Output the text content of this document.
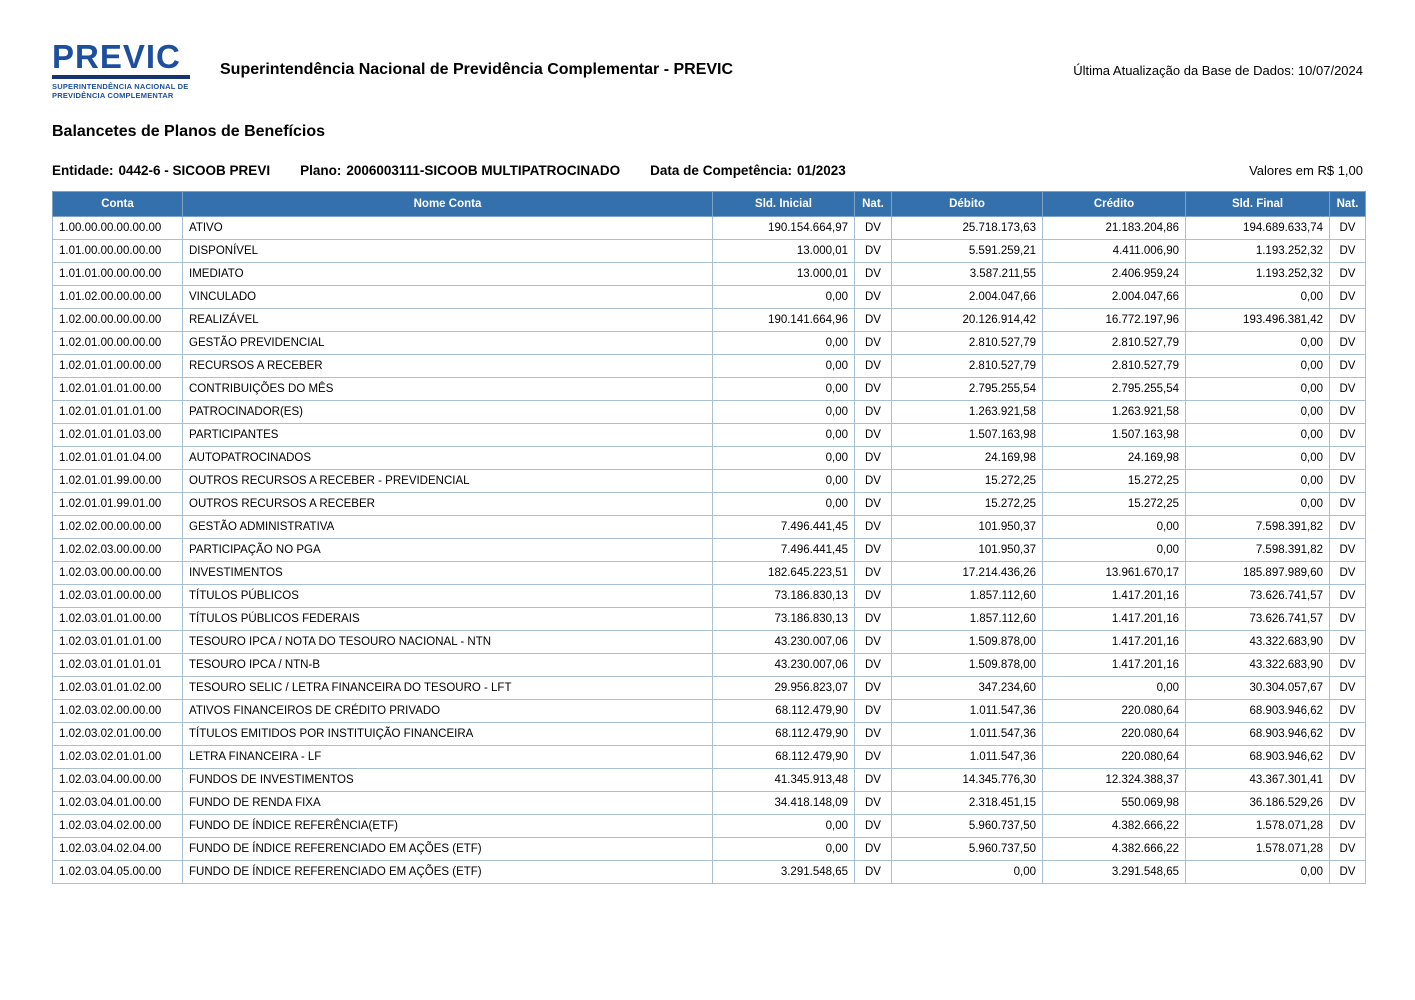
PREVIC
SUPERINTENDÊNCIA NACIONAL DE
PREVIDÊNCIA COMPLEMENTAR
Superintendência Nacional de Previdência Complementar - PREVIC	Última Atualização da Base de Dados: 10/07/2024
Balancetes de Planos de Benefícios
Entidade: 0442-6 - SICOOB PREVI Plano: 2006003111-SICOOB MULTIPATROCINADO Data de Competência: 01/2023	Valores em R$ 1,00
Conta	Nome Conta	Sld. Inicial	Nat.	Débito	Crédito	Sld. Final	Nat.
1.00.00.00.00.00.00	ATIVO	190.154.664,97	DV	25.718.173,63	21.183.204,86	194.689.633,74	DV
1.01.00.00.00.00.00	DISPONÍVEL	13.000,01	DV	5.591.259,21	4.411.006,90	1.193.252,32	DV
1.01.01.00.00.00.00	IMEDIATO	13.000,01	DV	3.587.211,55	2.406.959,24	1.193.252,32	DV
1.01.02.00.00.00.00	VINCULADO	0,00	DV	2.004.047,66	2.004.047,66	0,00	DV
1.02.00.00.00.00.00	REALIZÁVEL	190.141.664,96	DV	20.126.914,42	16.772.197,96	193.496.381,42	DV
1.02.01.00.00.00.00	GESTÃO PREVIDENCIAL	0,00	DV	2.810.527,79	2.810.527,79	0,00	DV
1.02.01.01.00.00.00	RECURSOS A RECEBER	0,00	DV	2.810.527,79	2.810.527,79	0,00	DV
1.02.01.01.01.00.00	CONTRIBUIÇÕES DO MÊS	0,00	DV	2.795.255,54	2.795.255,54	0,00	DV
1.02.01.01.01.01.00	PATROCINADOR(ES)	0,00	DV	1.263.921,58	1.263.921,58	0,00	DV
1.02.01.01.01.03.00	PARTICIPANTES	0,00	DV	1.507.163,98	1.507.163,98	0,00	DV
1.02.01.01.01.04.00	AUTOPATROCINADOS	0,00	DV	24.169,98	24.169,98	0,00	DV
1.02.01.01.99.00.00	OUTROS RECURSOS A RECEBER - PREVIDENCIAL	0,00	DV	15.272,25	15.272,25	0,00	DV
1.02.01.01.99.01.00	OUTROS RECURSOS A RECEBER	0,00	DV	15.272,25	15.272,25	0,00	DV
1.02.02.00.00.00.00	GESTÃO ADMINISTRATIVA	7.496.441,45	DV	101.950,37	0,00	7.598.391,82	DV
1.02.02.03.00.00.00	PARTICIPAÇÃO NO PGA	7.496.441,45	DV	101.950,37	0,00	7.598.391,82	DV
1.02.03.00.00.00.00	INVESTIMENTOS	182.645.223,51	DV	17.214.436,26	13.961.670,17	185.897.989,60	DV
1.02.03.01.00.00.00	TÍTULOS PÚBLICOS	73.186.830,13	DV	1.857.112,60	1.417.201,16	73.626.741,57	DV
1.02.03.01.01.00.00	TÍTULOS PÚBLICOS FEDERAIS	73.186.830,13	DV	1.857.112,60	1.417.201,16	73.626.741,57	DV
1.02.03.01.01.01.00	TESOURO IPCA / NOTA DO TESOURO NACIONAL - NTN	43.230.007,06	DV	1.509.878,00	1.417.201,16	43.322.683,90	DV
1.02.03.01.01.01.01	TESOURO IPCA / NTN-B	43.230.007,06	DV	1.509.878,00	1.417.201,16	43.322.683,90	DV
1.02.03.01.01.02.00	TESOURO SELIC / LETRA FINANCEIRA DO TESOURO - LFT	29.956.823,07	DV	347.234,60	0,00	30.304.057,67	DV
1.02.03.02.00.00.00	ATIVOS FINANCEIROS DE CRÉDITO PRIVADO	68.112.479,90	DV	1.011.547,36	220.080,64	68.903.946,62	DV
1.02.03.02.01.00.00	TÍTULOS EMITIDOS POR INSTITUIÇÃO FINANCEIRA	68.112.479,90	DV	1.011.547,36	220.080,64	68.903.946,62	DV
1.02.03.02.01.01.00	LETRA FINANCEIRA - LF	68.112.479,90	DV	1.011.547,36	220.080,64	68.903.946,62	DV
1.02.03.04.00.00.00	FUNDOS DE INVESTIMENTOS	41.345.913,48	DV	14.345.776,30	12.324.388,37	43.367.301,41	DV
1.02.03.04.01.00.00	FUNDO DE RENDA FIXA	34.418.148,09	DV	2.318.451,15	550.069,98	36.186.529,26	DV
1.02.03.04.02.00.00	FUNDO DE ÍNDICE REFERÊNCIA(ETF)	0,00	DV	5.960.737,50	4.382.666,22	1.578.071,28	DV
1.02.03.04.02.04.00	FUNDO DE ÍNDICE REFERENCIADO EM AÇÕES (ETF)	0,00	DV	5.960.737,50	4.382.666,22	1.578.071,28	DV
1.02.03.04.05.00.00	FUNDO DE ÍNDICE REFERENCIADO EM AÇÕES (ETF)	3.291.548,65	DV	0,00	3.291.548,65	0,00	DV
